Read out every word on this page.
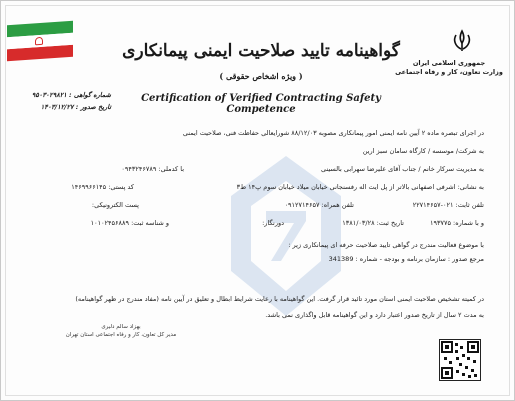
جمهوری اسلامی ایران
وزارت تعاون، کار و رفاه اجتماعی
شماره گواهی : ۹۵۰۳۰۲۹۸۲۱
تاریخ صدور : ۱۴۰۳/۱۲/۲۷
گواهینامه تایید صلاحیت ایمنی پیمانکاری
( ویژه اشخاص حقوقی )
Certification of Verified Contracting Safety Competence
در اجرای تبصره ماده ۲ آیین نامه ایمنی امور پیمانکاری مصوبه ۸۸/۱۲/۰۳ شورایعالی حفاظت فنی، صلاحیت ایمنی
به شرکت/ موسسه / کارگاه سامان سبز ارین
به مدیریت سرکار خانم / جناب آقای علیرضا سهرابی بالسینی
با کدملی: ۰۹۴۳۲۴۶۷۸۹
به نشانی: اشرفی اصفهانی بالاتر از پل ایت اله رفسنجانی خیابان میلاد خیابان سوم پ۱۴ ط۳
کد پستی: ۱۴۶۹۹۶۶۱۴۵
تلفن ثابت: ۰۲۱-۲۲۷۱۴۶۵۷
تلفن همراه: ۰۹۱۲۷۱۴۶۵۷
پست الکترونیکی:
و با شماره: ۱۹۳۷۷۵
تاریخ ثبت: ۱۳۸۱/۰۳/۲۸
دورنگار:
و شناسه ثبت: ۱۰۱۰۲۴۵۶۸۸۹
با موضوع فعالیت مندرج در گواهی تایید صلاحیت حرفه ای پیمانکاری زیر :
مرجع صدور : سازمان برنامه و بودجه - شماره : 341389
در کمیته تشخیص صلاحیت ایمنی استان مورد تائید قرار گرفت. این گواهینامه با رعایت شرایط ابطال و تعلیق در آیین نامه (مفاد مندرج در ظهر گواهینامه)
به مدت ۲ سال از تاریخ صدور اعتبار دارد و این گواهینامه قابل واگذاری نمی باشد.
بهزاد سالم دلیری
مدیر کل تعاون، کار و رفاه اجتماعی استان تهران
